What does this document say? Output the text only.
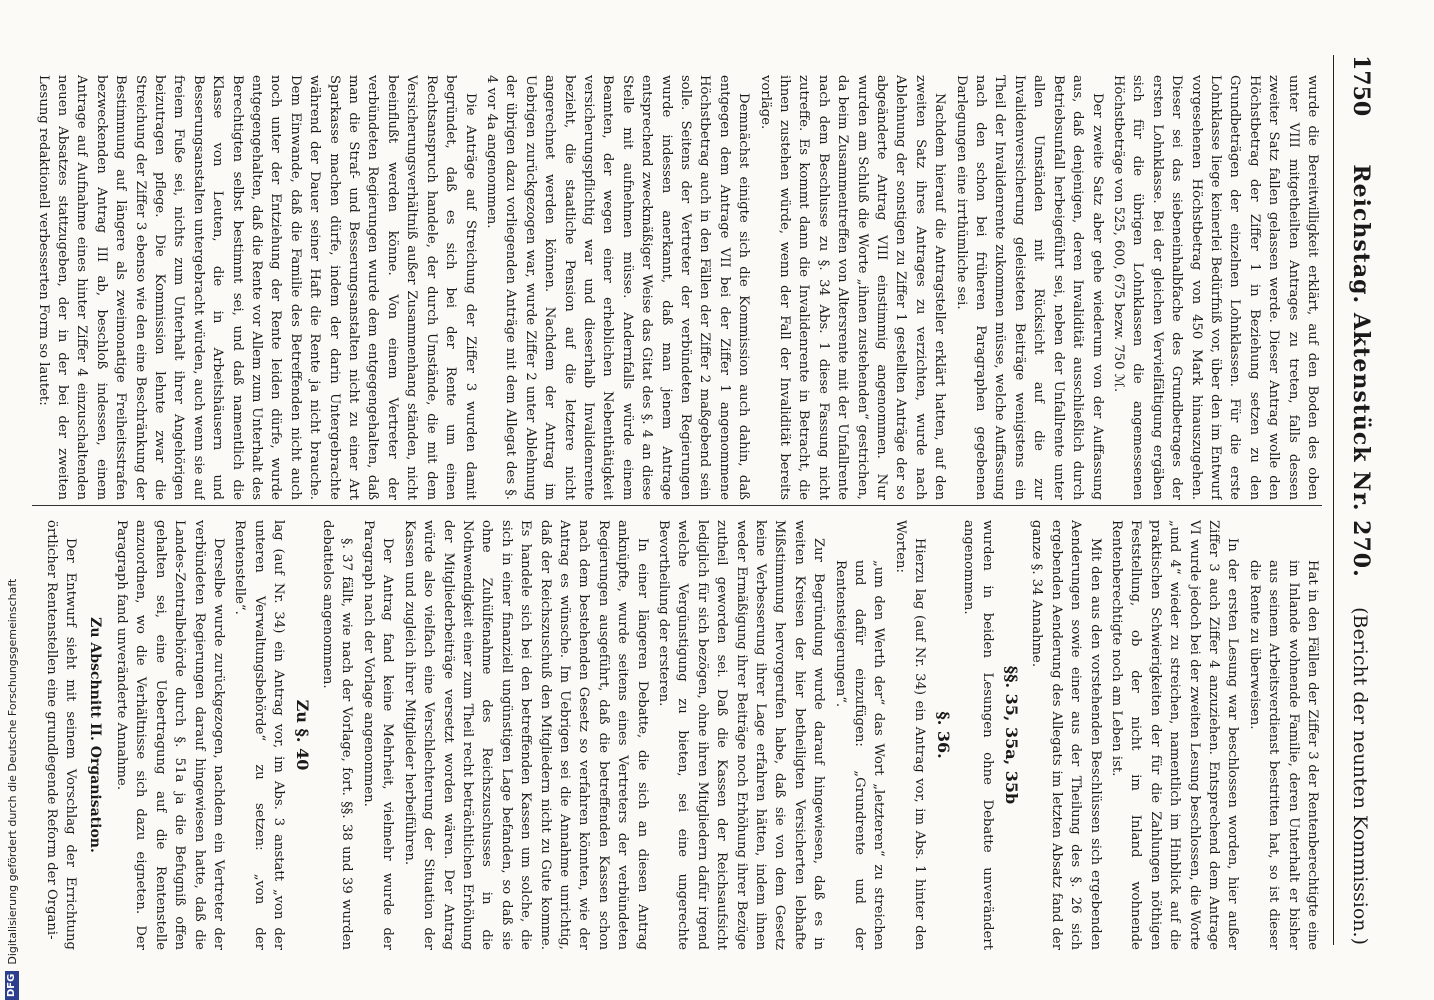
1750
Reichstag. Aktenstück Nr. 270.
(Bericht der neunten Kommission.)

wurde die Bereitwilligkeit erklärt, auf den Boden des oben unter VIII mitgetheilten Antrages zu treten, falls dessen zweiter Satz fallen gelassen werde. Dieser Antrag wolle den Höchstbetrag der Ziffer 1 in Beziehung setzen zu den Grundbeträgen der einzelnen Lohnklassen. Für die erste Lohnklasse liege keinerlei Bedürfniß vor, über den im Entwurf vorgesehenen Höchstbetrag von 450 Mark hinauszugehen. Dieser sei das siebeneinhalbfache des Grundbetrages der ersten Lohnklasse. Bei der gleichen Vervielfältigung ergäben sich für die übrigen Lohnklassen die angemessenen Höchstbeträge von 525, 600, 675 bezw. 750 ℳ.

Der zweite Satz aber gehe wiederum von der Auffassung aus, daß denjenigen, deren Invalidität ausschließlich durch Betriebsunfall herbeigeführt sei, neben der Unfallrente unter allen Umständen mit Rücksicht auf die zur Invalidenversicherung geleisteten Beiträge wenigstens ein Theil der Invalidenrente zukommen müsse, welche Auffassung nach den schon bei früheren Paragraphen gegebenen Darlegungen eine irrthümliche sei.

Nachdem hierauf die Antragsteller erklärt hatten, auf den zweiten Satz ihres Antrages zu verzichten, wurde nach Ablehnung der sonstigen zu Ziffer 1 gestellten Anträge der so abgeänderte Antrag VIII einstimmig angenommen. Nur wurden am Schluß die Worte „ihnen zustehenden“ gestrichen, da beim Zusammentreffen von Altersrente mit der Unfallrente nach dem Beschlusse zu §. 34 Abs. 1 diese Fassung nicht zutreffe. Es kommt dann die Invalidenrente in Betracht, die ihnen zustehen würde, wenn der Fall der Invalidität bereits vorläge.

Demnächst einigte sich die Kommission auch dahin, daß entgegen dem Antrage VII bei der Ziffer 1 angenommene Höchstbetrag auch in den Fällen der Ziffer 2 maßgebend sein solle. Seitens der Vertreter der verbündeten Regierungen wurde indessen anerkannt, daß man jenem Antrage entsprechend zweckmäßiger Weise das Gitat des §. 4 an diese Stelle mit aufnehmen müsse. Andernfalls würde einem Beamten, der wegen einer erheblichen Nebenthätigkeit versicherungspflichtig war und dieserhalb Invalidenrente bezieht, die staatliche Pension auf die letztere nicht angerechnet werden können. Nachdem der Antrag im Uebrigen zurückgezogen war, wurde Ziffer 2 unter Ablehnung der übrigen dazu vorliegenden Anträge mit dem Allegat des §. 4 vor 4a angenommen.

Die Anträge auf Streichung der Ziffer 3 wurden damit begründet, daß es sich bei der Rente um einen Rechtsanspruch handele, der durch Umstände, die mit dem Versicherungsverhältniß außer Zusammenhang ständen, nicht beeinflußt werden könne. Von einem Vertreter der verbündeten Regierungen wurde dem entgegengehalten, daß man die Straf- und Besserungsanstalten nicht zu einer Art Sparkasse machen dürfe, indem der darin Untergebrachte während der Dauer seiner Haft die Rente ja nicht brauche. Dem Einwande, daß die Familie des Betreffenden nicht auch noch unter der Entziehung der Rente leiden dürfe, wurde entgegengehalten, daß die Rente vor Allem zum Unterhalt des Berechtigten selbst bestimmt sei, und daß namentlich die Klasse von Leuten, die in Arbeitshäusern und Besserungsanstalten untergebracht würden, auch wenn sie auf freiem Fuße sei, nichts zum Unterhalt ihrer Angehörigen beizutragen pflege. Die Kommission lehnte zwar die Streichung der Ziffer 3 ebenso wie den eine Beschränkung der Bestimmung auf längere als zweimonatige Freiheitsstrafen bezweckenden Antrag III ab, beschloß indessen, einem Antrage auf Aufnahme eines hinter Ziffer 4 einzuschaltenden neuen Absatzes stattzugeben, der in der bei der zweiten Lesung redaktionell verbesserten Form so lautet:

Hat in den Fällen der Ziffer 3 der Rentenberechtigte eine im Inlande wohnende Familie, deren Unterhalt er bisher aus seinem Arbeitsverdienst bestritten hat, so ist dieser die Rente zu überweisen.

In der ersten Lesung war beschlossen worden, hier außer Ziffer 3 auch Ziffer 4 anzuziehen. Entsprechend dem Antrage VI wurde jedoch bei der zweiten Lesung beschlossen, die Worte „und 4“ wieder zu streichen, namentlich im Hinblick auf die praktischen Schwierigkeiten der für die Zahlungen nöthigen Feststellung, ob der nicht im Inland wohnende Rentenberechtigte noch am Leben ist.

Mit den aus den vorstehenden Beschlüssen sich ergebenden Aenderungen sowie einer aus der Theilung des §. 26 sich ergebenden Aenderung des Allegats im letzten Absatz fand der ganze §. 34 Annahme.

§§. 35, 35a, 35b

wurden in beiden Lesungen ohne Debatte unverändert angenommen.

§. 36.

Hierzu lag (auf Nr. 34) ein Antrag vor, im Abs. 1 hinter den Worten:

„um den Werth der“ das Wort „letzteren“ zu streichen und dafür einzufügen: „Grundrente und der Rentensteigerungen“.

Zur Begründung wurde darauf hingewiesen, daß es in weiten Kreisen der hier betheiligten Versicherten lebhafte Mißstimmung hervorgerufen habe, daß sie von dem Gesetz keine Verbesserung ihrer Lage erfahren hätten, indem ihnen weder Ermäßigung ihrer Beiträge noch Erhöhung ihrer Bezüge zutheil geworden sei. Daß die Kassen der Reichsaufsicht lediglich für sich bezögen, ohne ihren Mitgliedern dafür irgend welche Vergünstigung zu bieten, sei eine ungerechte Bevortheilung der ersteren.

In einer längeren Debatte, die sich an diesen Antrag anknüpfte, wurde seitens eines Vertreters der verbündeten Regierungen ausgeführt, daß die betreffenden Kassen schon nach dem bestehenden Gesetz so verfahren könnten, wie der Antrag es wünsche. Im Uebrigen sei die Annahme unrichtig, daß der Reichszuschuß den Mitgliedern nicht zu Gute komme. Es handele sich bei den betreffenden Kassen um solche, die sich in einer finanziell ungünstigen Lage befanden, so daß sie ohne Zuhülfenahme des Reichszuschusses in die Nothwendigkeit einer zum Theil recht beträchtlichen Erhöhung der Mitgliederbeiträge versetzt worden wären. Der Antrag würde also vielfach eine Verschlechterung der Situation der Kassen und zugleich ihrer Mitglieder herbeiführen.

Der Antrag fand keine Mehrheit, vielmehr wurde der Paragraph nach der Vorlage angenommen.

§. 37 fällt, wie nach der Vorlage, fort. §§. 38 und 39 wurden debattelos angenommen.

Zu §. 40

lag (auf Nr. 34) ein Antrag vor, im Abs. 3 anstatt „von der unteren Verwaltungsbehörde“ zu setzen: „von der Rentenstelle“.

Derselbe wurde zurückgezogen, nachdem ein Vertreter der verbündeten Regierungen darauf hingewiesen hatte, daß die Landes-Zentralbehörde durch §. 51a ja die Befugniß offen gehalten sei, eine Uebertragung auf die Rentenstelle anzuordnen, wo die Verhältnisse sich dazu eigneten. Der Paragraph fand unveränderte Annahme.

Zu Abschnitt II. Organisation.

Der Entwurf sieht mit seinem Vorschlag der Errichtung örtlicher Rentenstellen eine grundlegende Reform der Organi-

DFG
Digitalisierung gefördert durch die Deutsche Forschungsgemeinschaft
